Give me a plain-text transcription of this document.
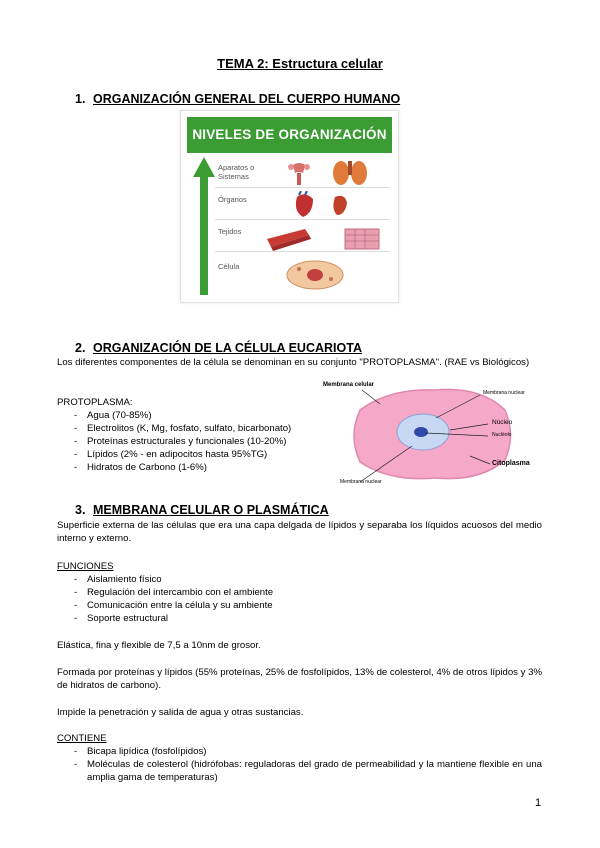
TEMA 2: Estructura celular
1. ORGANIZACIÓN GENERAL DEL CUERPO HUMANO
NIVELES DE ORGANIZACIÓN
Aparatos o Sistemas
Órganos
Tejidos
Célula
2. ORGANIZACIÓN DE LA CÉLULA EUCARIOTA
Los diferentes componentes de la célula se denominan en su conjunto "PROTOPLASMA". (RAE vs Biológicos)
PROTOPLASMA:
- Agua (70-85%)
- Electrolitos (K, Mg, fosfato, sulfato, bicarbonato)
- Proteínas estructurales y funcionales (10-20%)
- Lípidos (2% - en adipocitos hasta 95%TG)
- Hidratos de Carbono (1-6%)
Membrana celular
Membrana nuclear
Núcleo
Nucléolo
Citoplasma
Membrana nuclear
3. MEMBRANA CELULAR O PLASMÁTICA
Superficie externa de las células que era una capa delgada de lípidos y separaba los líquidos acuosos del medio interno y externo.
FUNCIONES
- Aislamiento físico
- Regulación del intercambio con el ambiente
- Comunicación entre la célula y su ambiente
- Soporte estructural
Elástica, fina y flexible de 7,5 a 10nm de grosor.
Formada por proteínas y lípidos (55% proteínas, 25% de fosfolípidos, 13% de colesterol, 4% de otros lípidos y 3% de hidratos de carbono).
Impide la penetración y salida de agua y otras sustancias.
CONTIENE
- Bicapa lipídica (fosfolípidos)
- Moléculas de colesterol (hidrófobas: reguladoras del grado de permeabilidad y la mantiene flexible en una amplia gama de temperaturas)
1
